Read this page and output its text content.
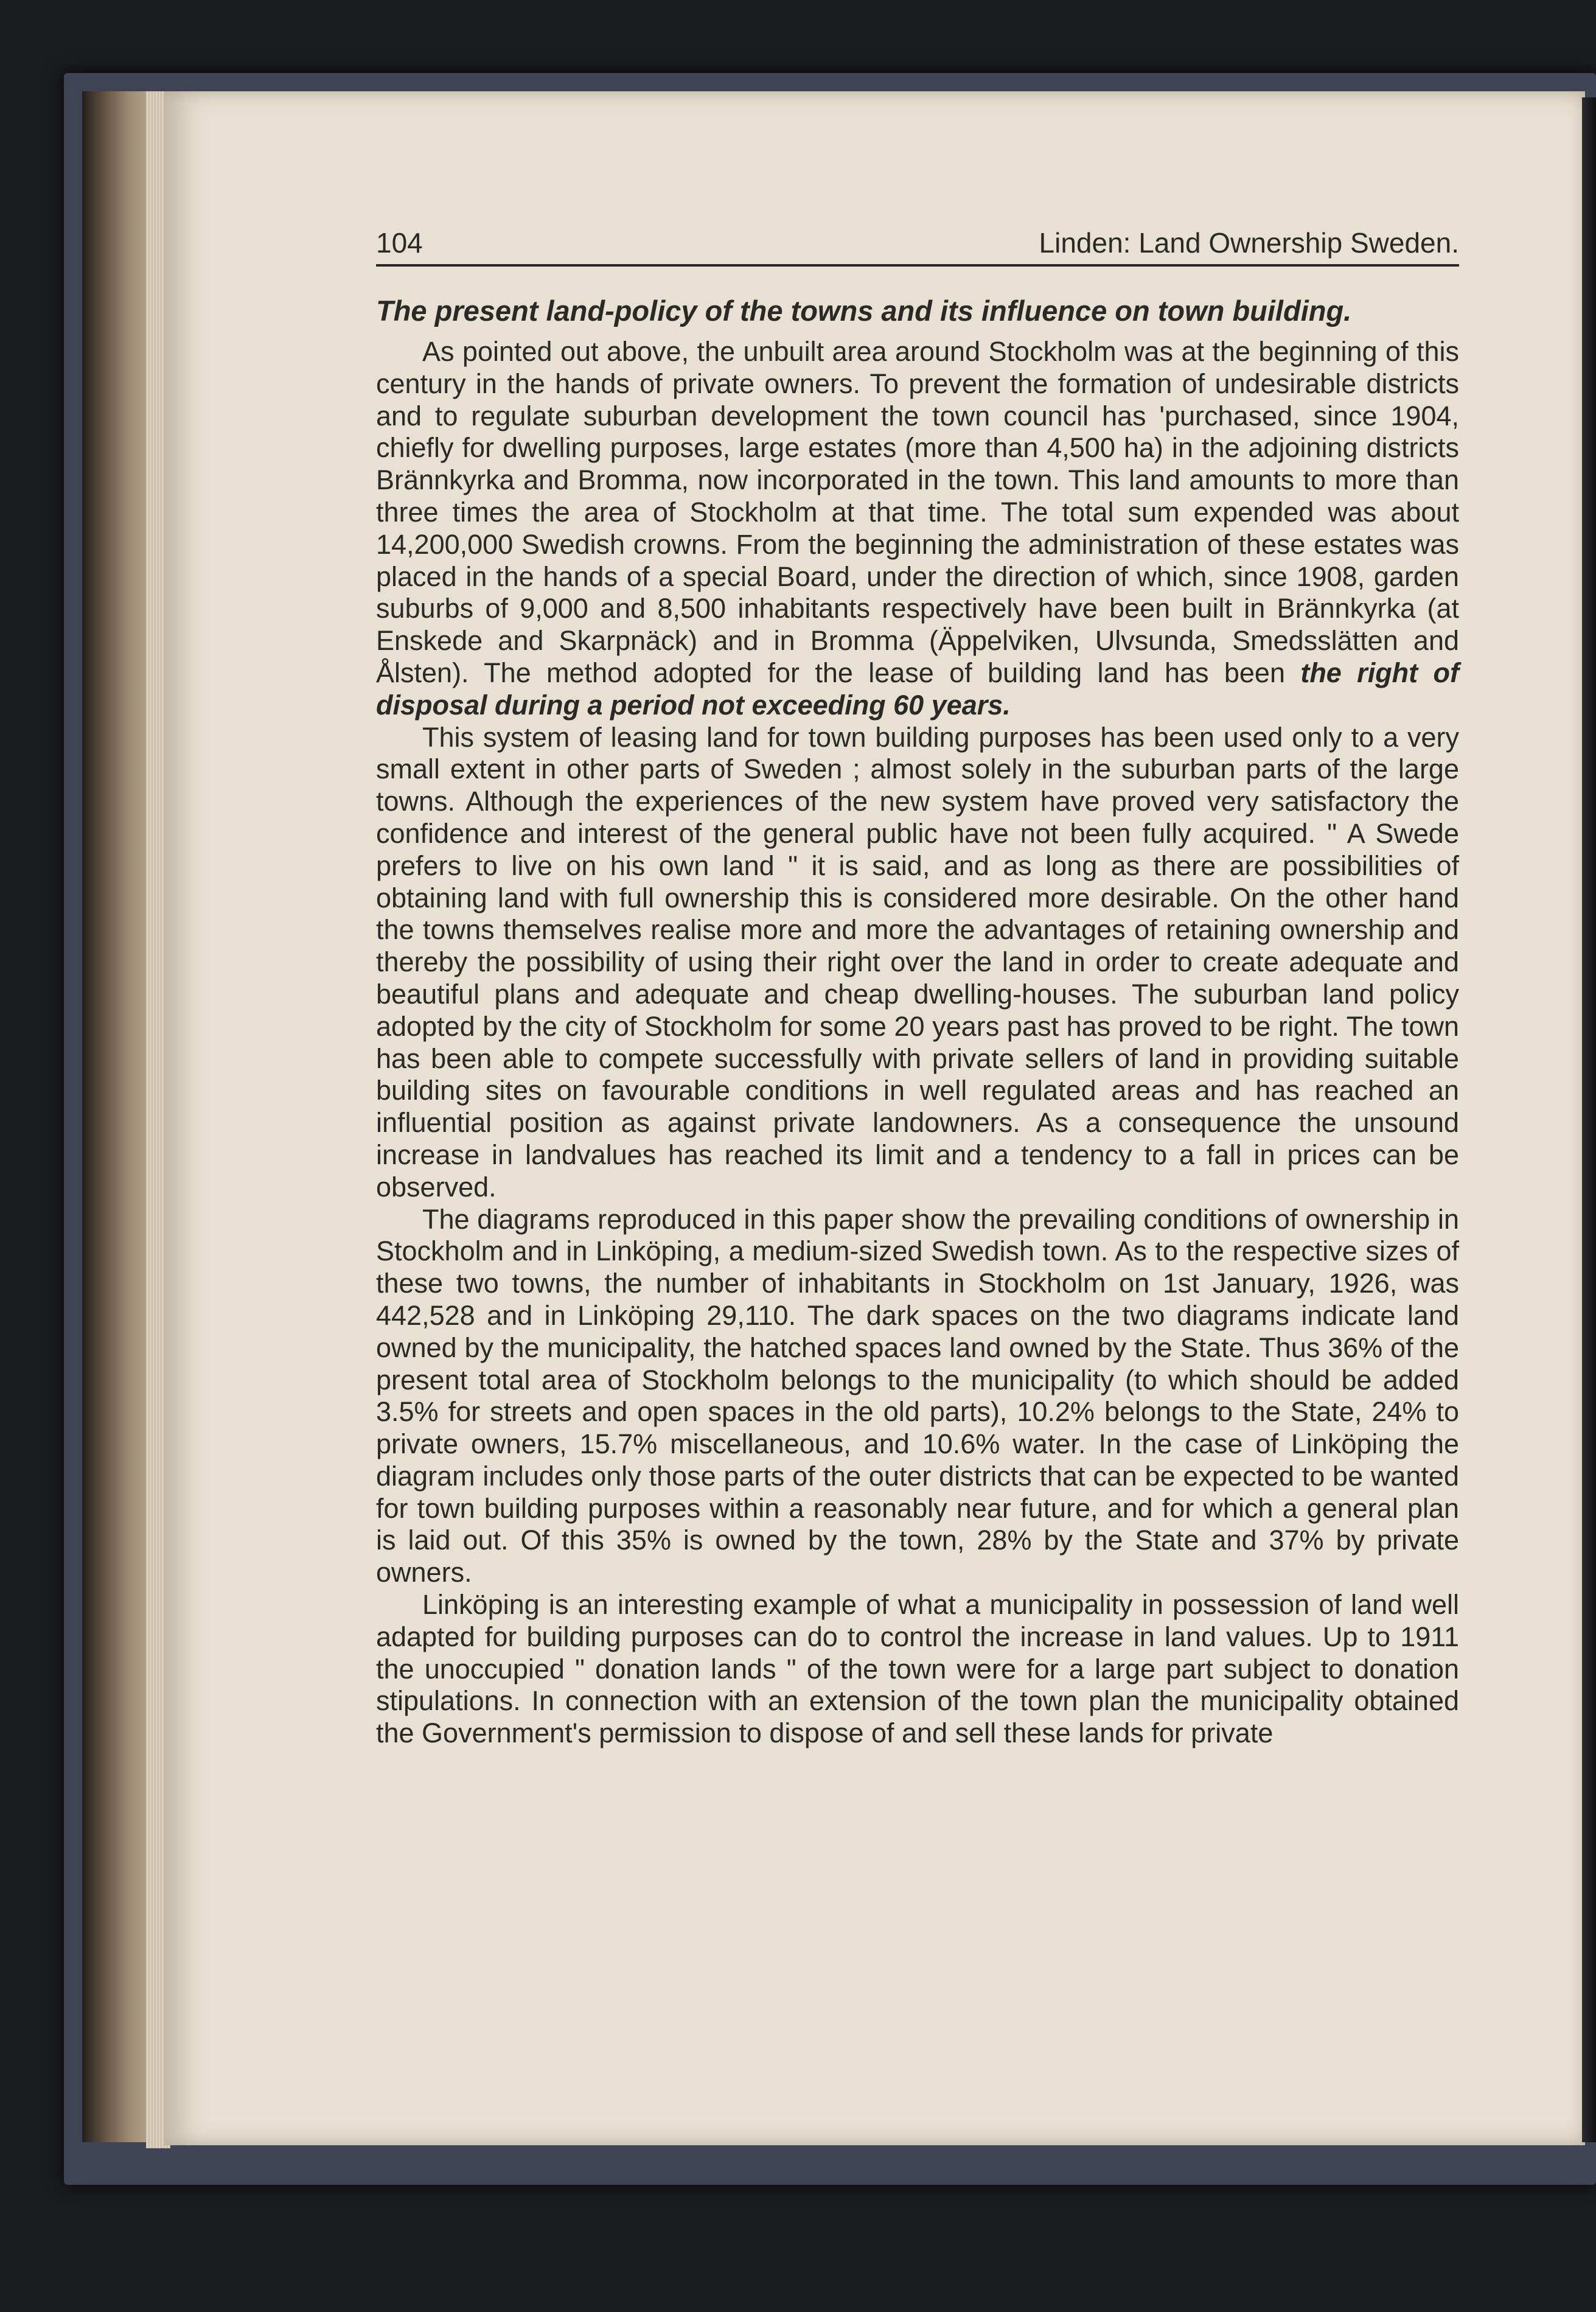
104	Linden: Land Ownership Sweden.
The present land-policy of the towns and its influence on town building.

As pointed out above, the unbuilt area around Stockholm was at the beginning of this century in the hands of private owners. To prevent the formation of undesirable districts and to regulate suburban development the town council has 'purchased, since 1904, chiefly for dwelling purposes, large estates (more than 4,500 ha) in the adjoining districts Brännkyrka and Bromma, now incorporated in the town. This land amounts to more than three times the area of Stockholm at that time. The total sum expended was about 14,200,000 Swedish crowns. From the beginning the administration of these estates was placed in the hands of a special Board, under the direction of which, since 1908, garden suburbs of 9,000 and 8,500 inhabitants respectively have been built in Brännkyrka (at Enskede and Skarpnäck) and in Bromma (Äppelviken, Ulvsunda, Smedsslätten and Ålsten). The method adopted for the lease of building land has been the right of disposal during a period not exceeding 60 years.

This system of leasing land for town building purposes has been used only to a very small extent in other parts of Sweden ; almost solely in the suburban parts of the large towns. Although the experiences of the new system have proved very satisfactory the confidence and interest of the general public have not been fully acquired. " A Swede prefers to live on his own land " it is said, and as long as there are possibilities of obtaining land with full ownership this is considered more desirable. On the other hand the towns themselves realise more and more the advantages of retaining ownership and thereby the possibility of using their right over the land in order to create adequate and beautiful plans and adequate and cheap dwelling-houses. The suburban land policy adopted by the city of Stockholm for some 20 years past has proved to be right. The town has been able to compete successfully with private sellers of land in providing suitable building sites on favourable conditions in well regulated areas and has reached an influential position as against private landowners. As a consequence the unsound increase in landvalues has reached its limit and a tendency to a fall in prices can be observed.

The diagrams reproduced in this paper show the prevailing conditions of ownership in Stockholm and in Linköping, a medium-sized Swedish town. As to the respective sizes of these two towns, the number of inhabitants in Stockholm on 1st January, 1926, was 442,528 and in Linköping 29,110. The dark spaces on the two diagrams indicate land owned by the municipality, the hatched spaces land owned by the State. Thus 36% of the present total area of Stockholm belongs to the municipality (to which should be added 3.5% for streets and open spaces in the old parts), 10.2% belongs to the State, 24% to private owners, 15.7% miscellaneous, and 10.6% water. In the case of Linköping the diagram includes only those parts of the outer districts that can be expected to be wanted for town building purposes within a reasonably near future, and for which a general plan is laid out. Of this 35% is owned by the town, 28% by the State and 37% by private owners.

Linköping is an interesting example of what a municipality in possession of land well adapted for building purposes can do to control the increase in land values. Up to 1911 the unoccupied " donation lands " of the town were for a large part subject to donation stipulations. In connection with an extension of the town plan the municipality obtained the Government's permission to dispose of and sell these lands for private
